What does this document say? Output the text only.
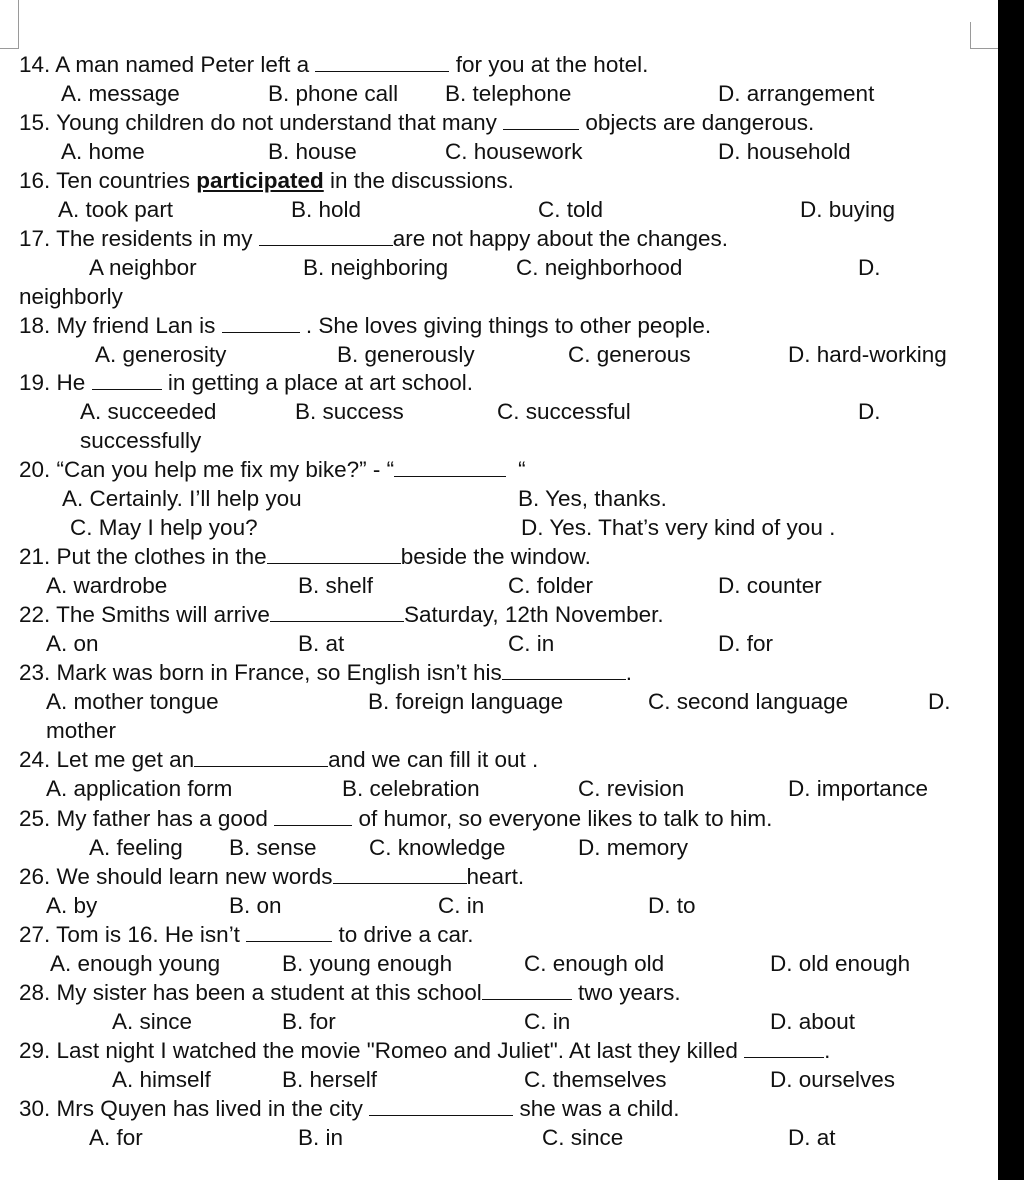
14. A man named Peter left a	for you at the hotel.
A. message	B. phone call B. telephone	D. arrangement
15. Young children do not understand that many	objects are dangerous.
A. home	B. house	C. housework	D. household
16. Ten countries participated in the discussions.
A. took part	B. hold	C. told	D. buying
17. The residents in my	are not happy about the changes.
A neighbor	B. neighboring	C. neighborhood	D.
neighborly
18. My friend Lan is	. She loves giving things to other people.
A. generosity	B. generously	C. generous	D. hard-working
19. He	in getting a place at art school.
A. succeeded	B. success	C. successful	D.
successfully
20. “Can you help me fix my bike?” - “	“
A. Certainly. I’ll help you	B. Yes, thanks.
C. May I help you?	D. Yes. That’s very kind of you .
21. Put the clothes in the	beside the window.
A. wardrobe	B. shelf	C. folder	D. counter
22. The Smiths will arrive	Saturday, 12th November.
A. on	B. at	C. in	D. for
23. Mark was born in France, so English isn’t his	.
A. mother tongue	B. foreign language	C. second language	D.
mother
24. Let me get an	and we can fill it out .
A. application form	B. celebration	C. revision	D. importance
25. My father has a good	of humor, so everyone likes to talk to him.
A. feeling B. sense C. knowledge	D. memory
26. We should learn new words	heart.
A. by	B. on	C. in	D. to
27. Tom is 16. He isn’t	to drive a car.
A. enough young	B. young enough	C. enough old	D. old enough
28. My sister has been a student at this school	two years.
A. since	B. for	C. in	D. about
29. Last night I watched the movie "Romeo and Juliet". At last they killed	.
A. himself	B. herself	C. themselves	D. ourselves
30. Mrs Quyen has lived in the city	she was a child.
A. for	B. in	C. since	D. at
